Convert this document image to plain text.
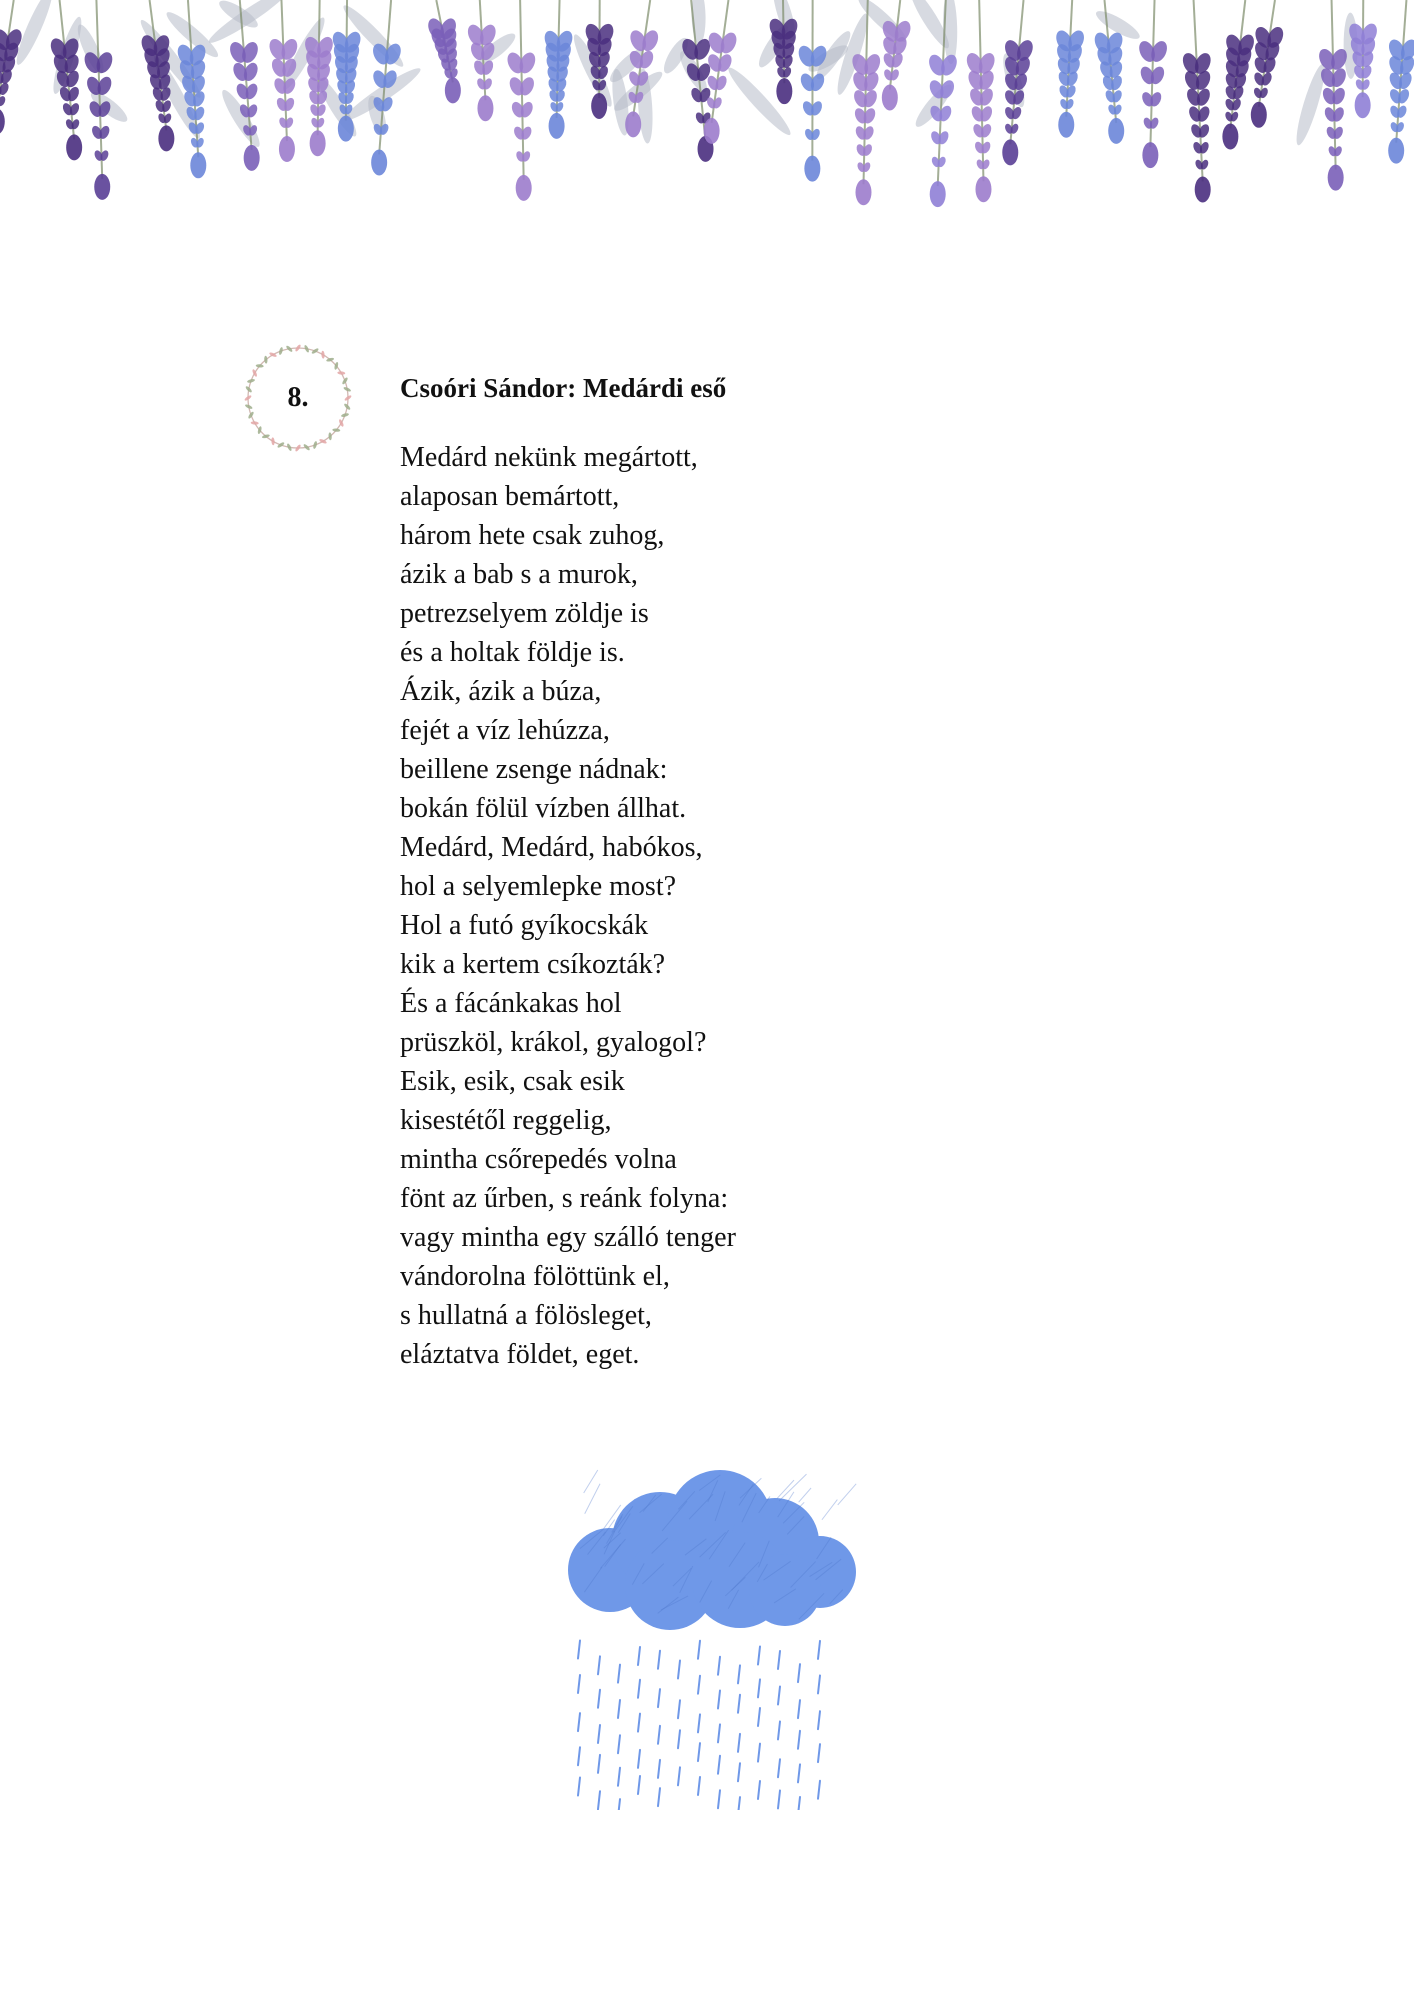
8.	Csoóri Sándor: Medárdi eső
Medárd nekünk megártott,
alaposan bemártott,
három hete csak zuhog,
ázik a bab s a murok,
petrezselyem zöldje is
és a holtak földje is.
Ázik, ázik a búza,
fejét a víz lehúzza,
beillene zsenge nádnak:
bokán fölül vízben állhat.
Medárd, Medárd, habókos,
hol a selyemlepke most?
Hol a futó gyíkocskák
kik a kertem csíkozták?
És a fácánkakas hol
prüszköl, krákol, gyalogol?
Esik, esik, csak esik
kisestétől reggelig,
mintha csőrepedés volna
fönt az űrben, s reánk folyna:
vagy mintha egy szálló tenger
vándorolna fölöttünk el,
s hullatná a fölösleget,
eláztatva földet, eget.
